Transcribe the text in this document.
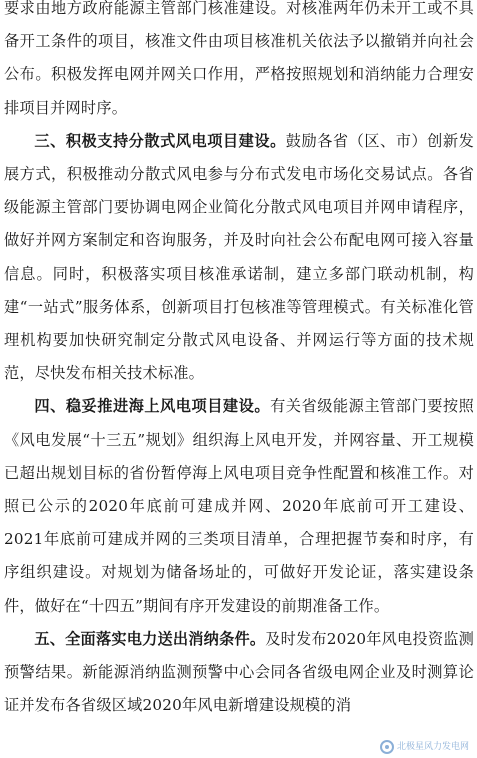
要求由地方政府能源主管部门核准建设。对核准两年仍未开工或不具备开工条件的项目，核准文件由项目核准机关依法予以撤销并向社会公布。积极发挥电网并网关口作用，严格按照规划和消纳能力合理安排项目并网时序。

三、积极支持分散式风电项目建设。鼓励各省（区、市）创新发展方式，积极推动分散式风电参与分布式发电市场化交易试点。各省级能源主管部门要协调电网企业简化分散式风电项目并网申请程序，做好并网方案制定和咨询服务，并及时向社会公布配电网可接入容量信息。同时，积极落实项目核准承诺制，建立多部门联动机制，构建“一站式”服务体系，创新项目打包核准等管理模式。有关标准化管理机构要加快研究制定分散式风电设备、并网运行等方面的技术规范，尽快发布相关技术标准。

四、稳妥推进海上风电项目建设。有关省级能源主管部门要按照《风电发展“十三五”规划》组织海上风电开发，并网容量、开工规模已超出规划目标的省份暂停海上风电项目竞争性配置和核准工作。对照已公示的2020年底前可建成并网、2020年底前可开工建设、2021年底前可建成并网的三类项目清单，合理把握节奏和时序，有序组织建设。对规划为储备场址的，可做好开发论证，落实建设条件，做好在“十四五”期间有序开发建设的前期准备工作。

五、全面落实电力送出消纳条件。及时发布2020年风电投资监测预警结果。新能源消纳监测预警中心会同各省级电网企业及时测算论证并发布各省级区域2020年风电新增建设规模的消

北极星风力发电网
